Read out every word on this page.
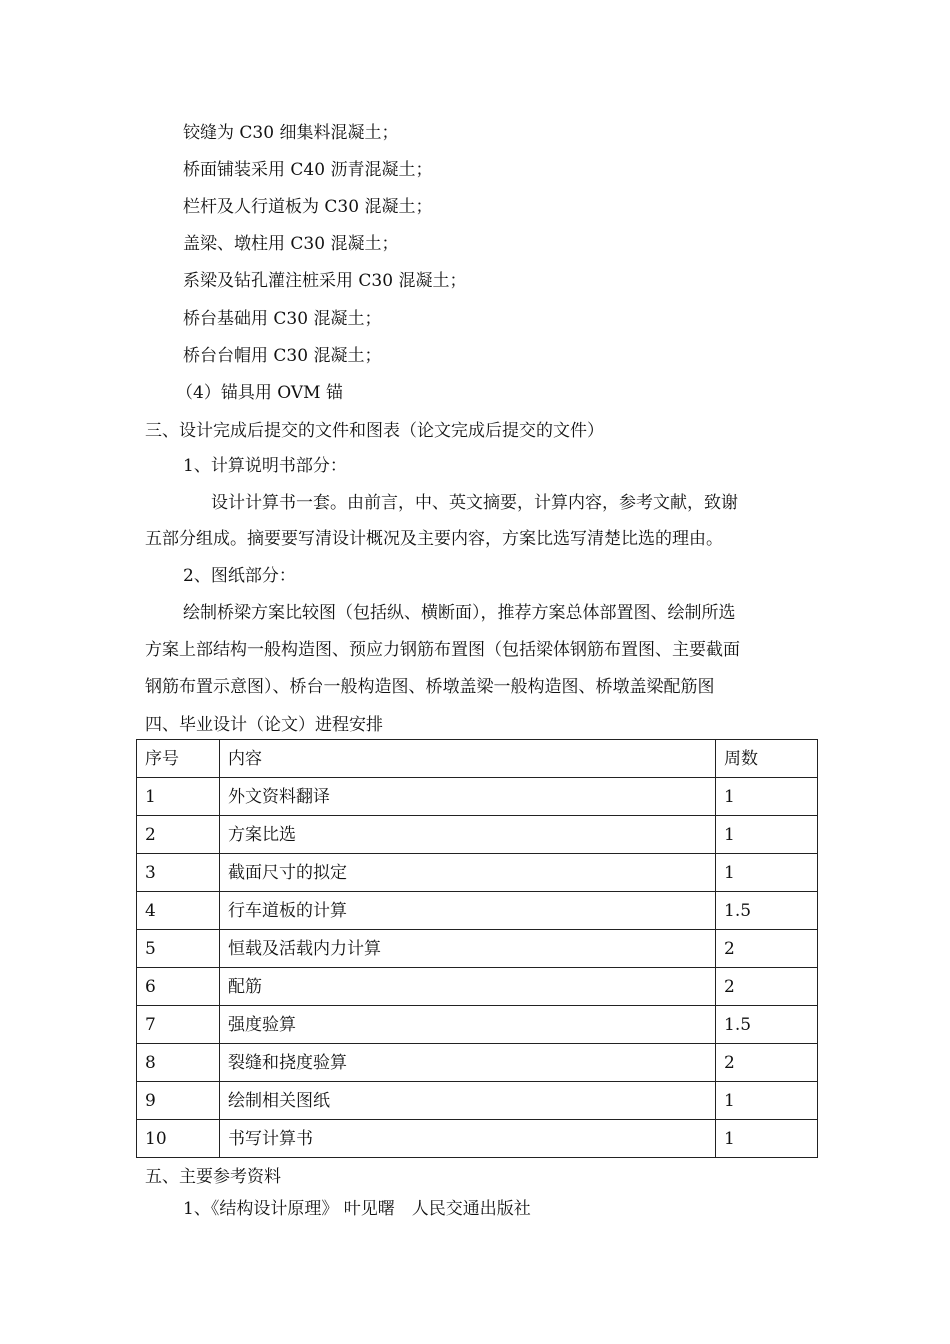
铰缝为 C30 细集料混凝土；
桥面铺装采用 C40 沥青混凝土；
栏杆及人行道板为 C30 混凝土；
盖梁、墩柱用 C30 混凝土；
系梁及钻孔灌注桩采用 C30 混凝土；
桥台基础用 C30 混凝土；
桥台台帽用 C30 混凝土；
（4）锚具用 OVM 锚
三、设计完成后提交的文件和图表（论文完成后提交的文件）
1、计算说明书部分：
设计计算书一套。由前言，中、英文摘要，计算内容，参考文献，致谢
五部分组成。摘要要写清设计概况及主要内容，方案比选写清楚比选的理由。
2、图纸部分：
绘制桥梁方案比较图（包括纵、横断面），推荐方案总体部置图、绘制所选
方案上部结构一般构造图、预应力钢筋布置图（包括梁体钢筋布置图、主要截面
钢筋布置示意图）、桥台一般构造图、桥墩盖梁一般构造图、桥墩盖梁配筋图
四、毕业设计（论文）进程安排
序号	内容	周数
1	外文资料翻译	1
2	方案比选	1
3	截面尺寸的拟定	1
4	行车道板的计算	1.5
5	恒载及活载内力计算	2
6	配筋	2
7	强度验算	1.5
8	裂缝和挠度验算	2
9	绘制相关图纸	1
10	书写计算书	1
五、主要参考资料
1、《结构设计原理》 叶见曙　人民交通出版社
